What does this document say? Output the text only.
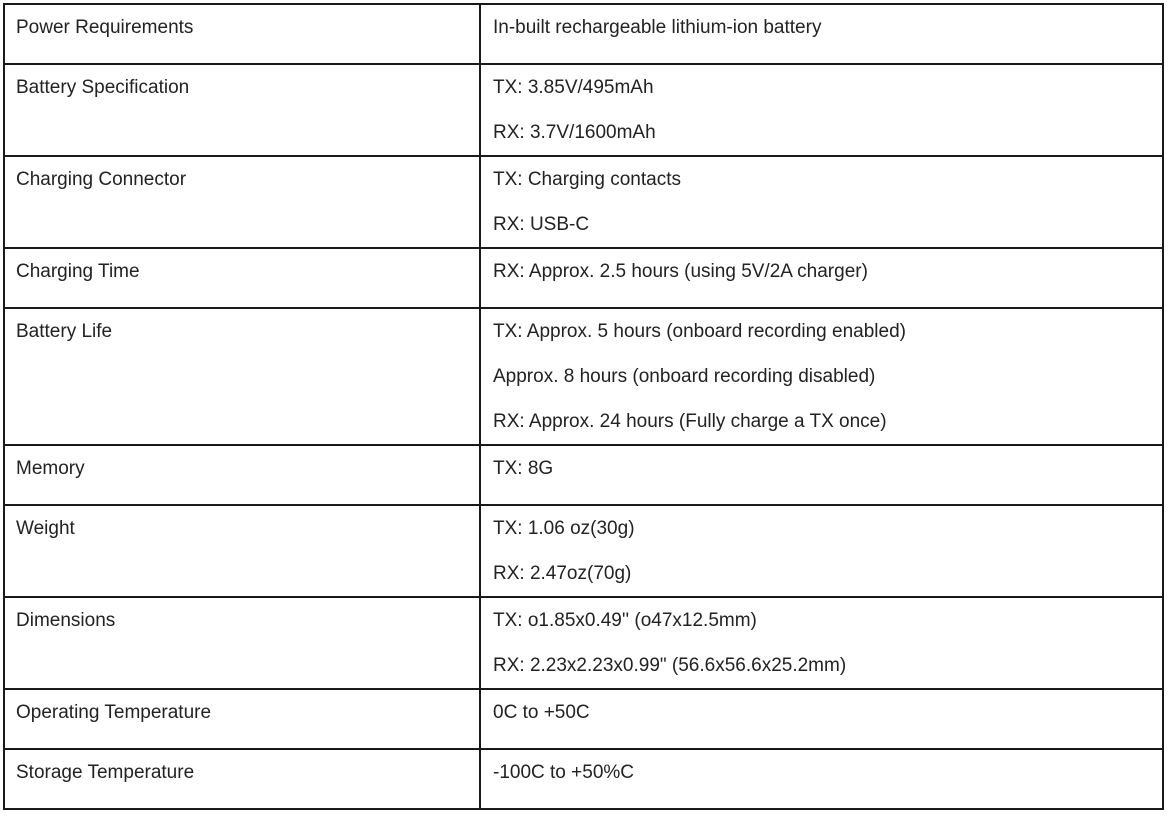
Power Requirements	In-built rechargeable lithium-ion battery

Battery Specification	TX: 3.85V/495mAh
RX: 3.7V/1600mAh

Charging Connector	TX: Charging contacts
RX: USB-C

Charging Time	RX: Approx. 2.5 hours (using 5V/2A charger)

Battery Life	TX: Approx. 5 hours (onboard recording enabled)
Approx. 8 hours (onboard recording disabled)
RX: Approx. 24 hours (Fully charge a TX once)

Memory	TX: 8G

Weight	TX: 1.06 oz(30g)
RX: 2.47oz(70g)

Dimensions	TX: o1.85x0.49'' (o47x12.5mm)
RX: 2.23x2.23x0.99" (56.6x56.6x25.2mm)

Operating Temperature	0C to +50C

Storage Temperature	-100C to +50%C
